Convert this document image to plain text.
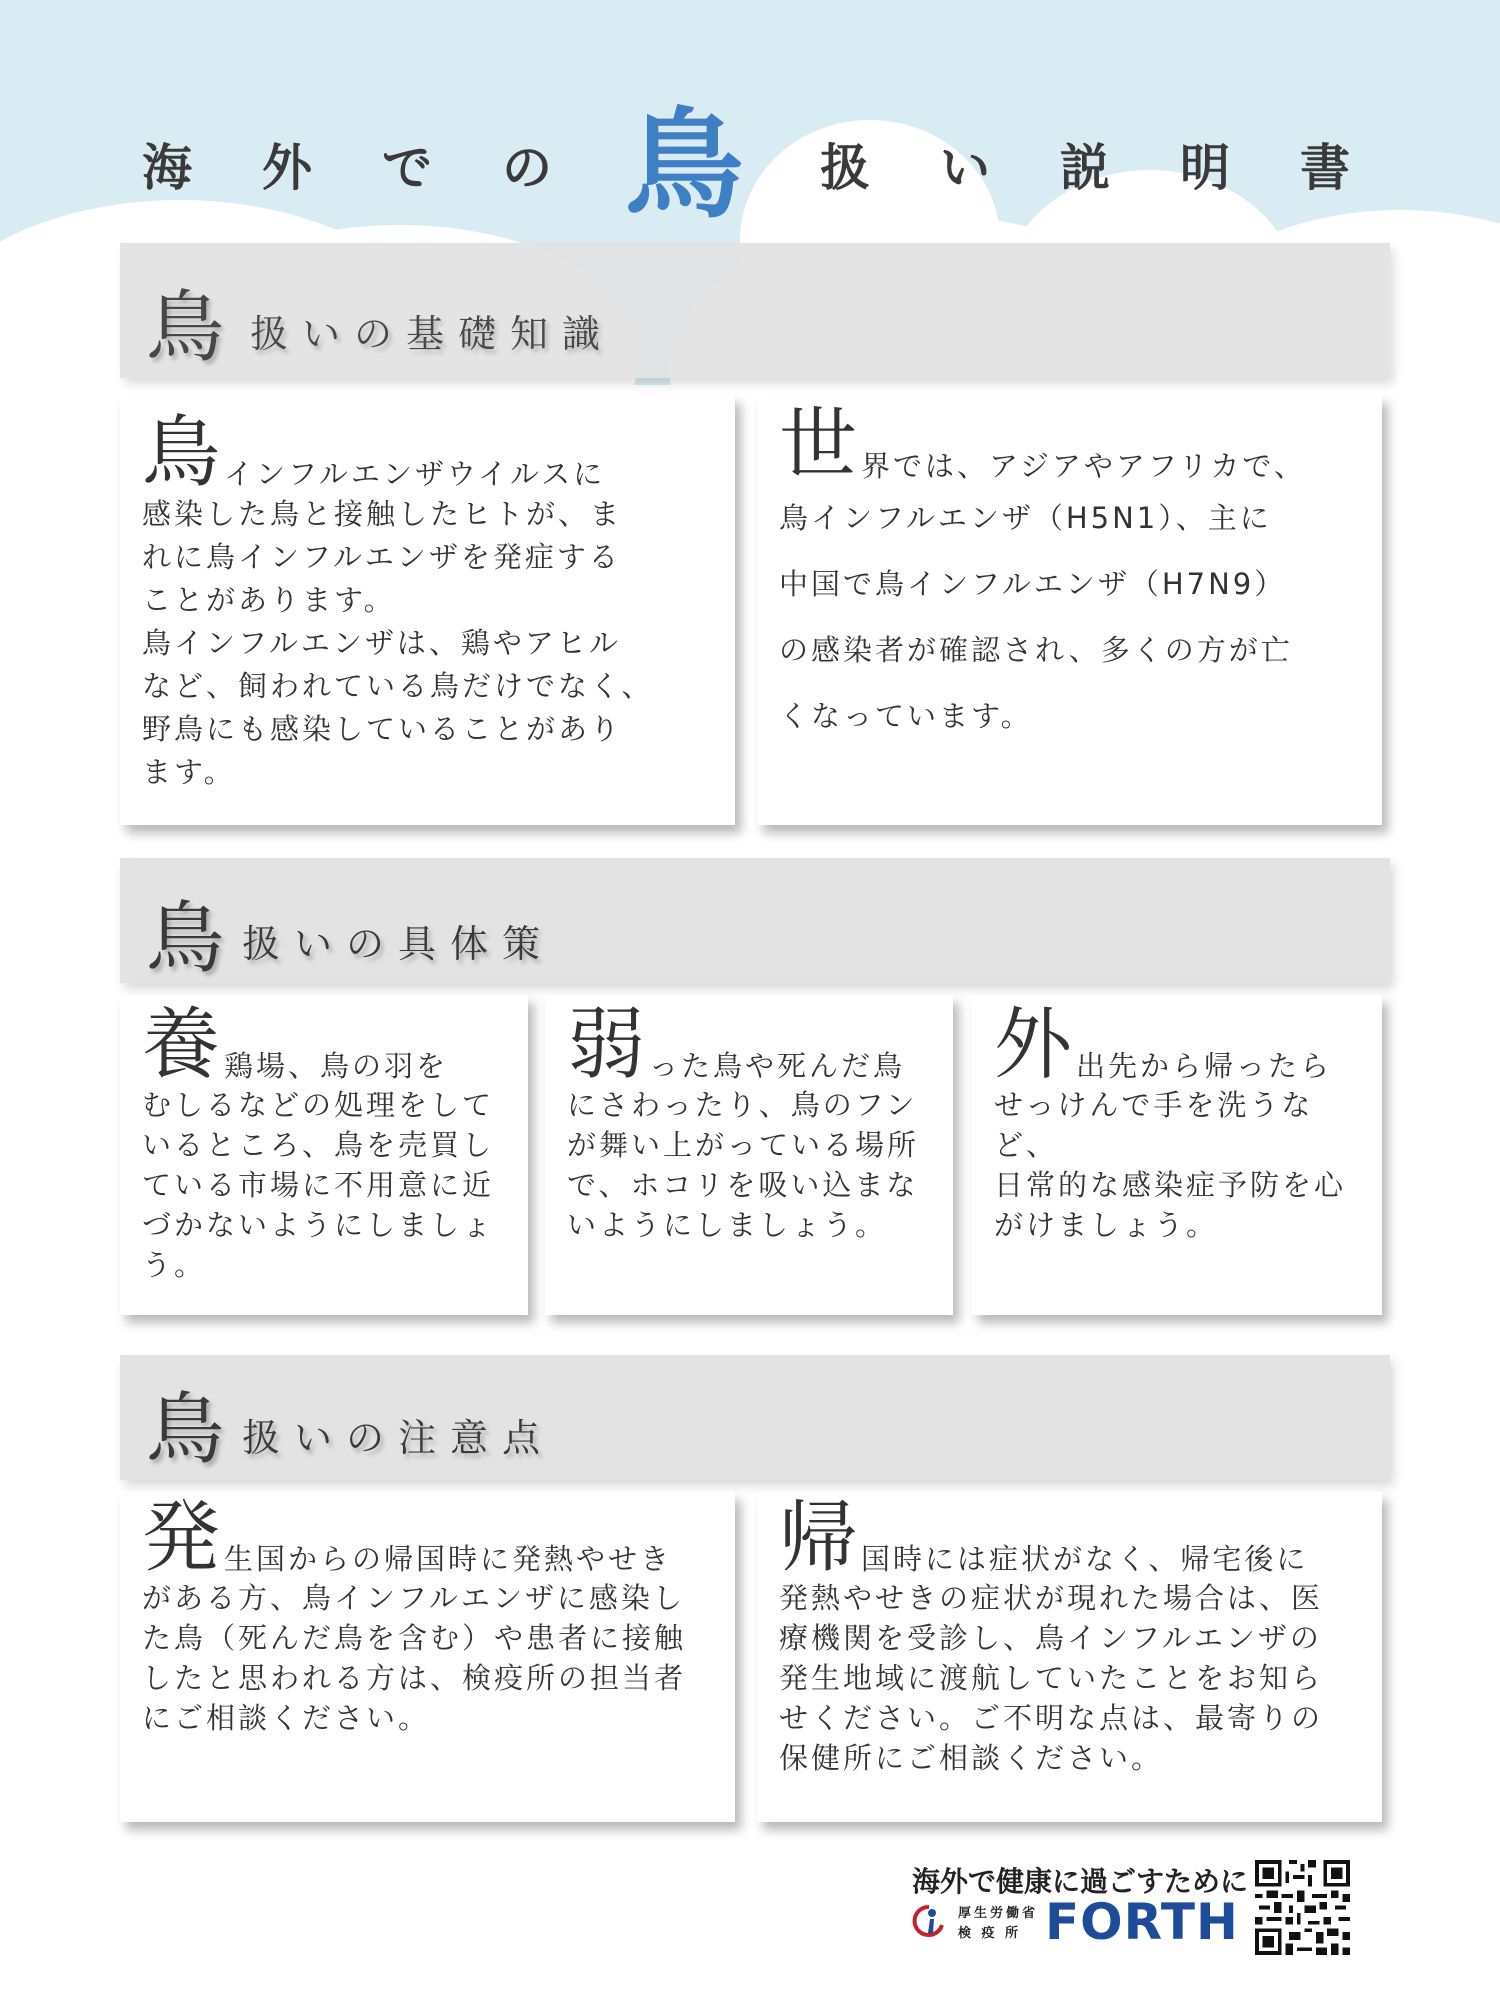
海 外 で の 鳥 扱 い 説 明 書
鳥 扱いの基礎知識
鳥インフルエンザウイルスに
感染した鳥と接触したヒトが、ま
れに鳥インフルエンザを発症する
ことがあります。
鳥インフルエンザは、鶏やアヒル
など、飼われている鳥だけでなく、
野鳥にも感染していることがあり
ます。
世界では、アジアやアフリカで、
鳥インフルエンザ（H5N1）、主に
中国で鳥インフルエンザ（H7N9）
の感染者が確認され、多くの方が亡
くなっています。
鳥 扱いの具体策
養鶏場、鳥の羽を
むしるなどの処理をして
いるところ、鳥を売買し
ている市場に不用意に近
づかないようにしましょ
う。
弱った鳥や死んだ鳥
にさわったり、鳥のフン
が舞い上がっている場所
で、ホコリを吸い込まな
いようにしましょう。
外出先から帰ったら
せっけんで手を洗うなど、
日常的な感染症予防を心
がけましょう。
鳥 扱いの注意点
発生国からの帰国時に発熱やせき
がある方、鳥インフルエンザに感染し
た鳥（死んだ鳥を含む）や患者に接触
したと思われる方は、検疫所の担当者
にご相談ください。
帰国時には症状がなく、帰宅後に
発熱やせきの症状が現れた場合は、医
療機関を受診し、鳥インフルエンザの
発生地域に渡航していたことをお知ら
せください。ご不明な点は、最寄りの
保健所にご相談ください。
海外で健康に過ごすために
厚生労働省
検 疫 所 FORTH
